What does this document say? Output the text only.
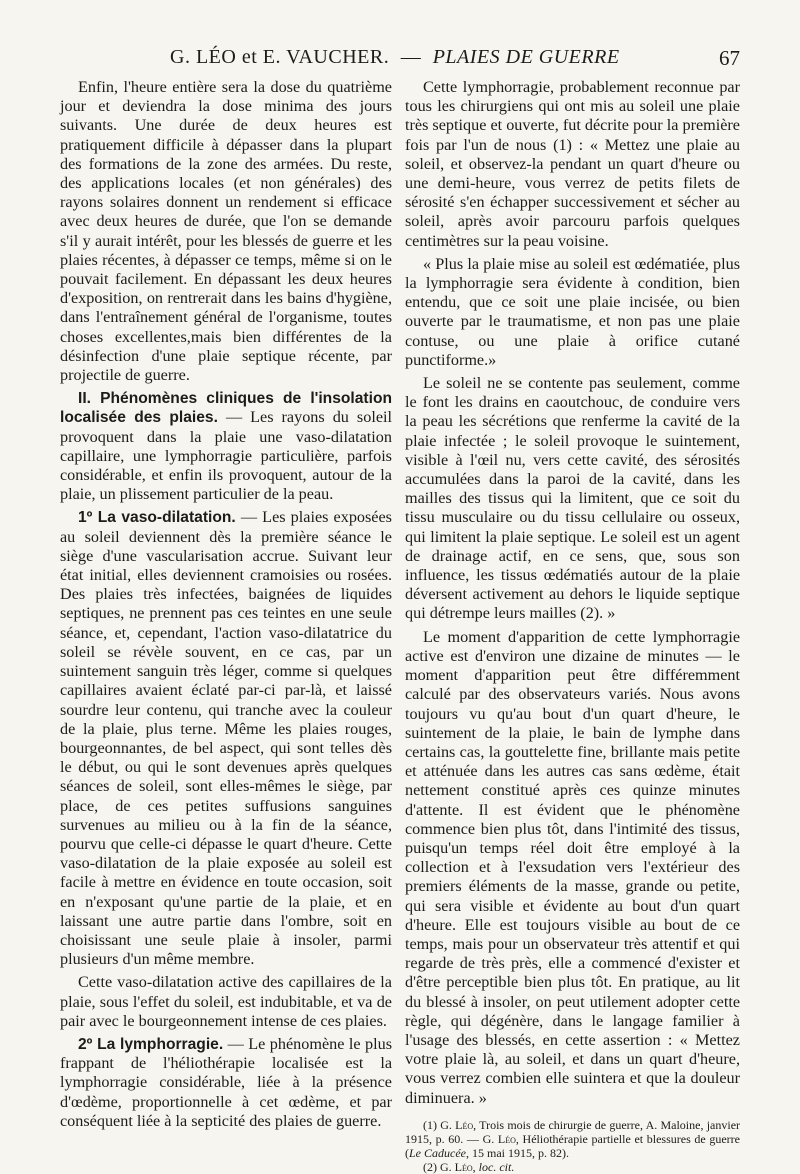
G. LÉO et E. VAUCHER. — PLAIES DE GUERRE	67

Enfin, l'heure entière sera la dose du quatrième jour et deviendra la dose minima des jours suivants. Une durée de deux heures est pratiquement difficile à dépasser dans la plupart des formations de la zone des armées. Du reste, des applications locales (et non générales) des rayons solaires donnent un rendement si efficace avec deux heures de durée, que l'on se demande s'il y aurait intérêt, pour les blessés de guerre et les plaies récentes, à dépasser ce temps, même si on le pouvait facilement. En dépassant les deux heures d'exposition, on rentrerait dans les bains d'hygiène, dans l'entraînement général de l'organisme, toutes choses excellentes,mais bien différentes de la désinfection d'une plaie septique récente, par projectile de guerre.

II. Phénomènes cliniques de l'insolation localisée des plaies. — Les rayons du soleil provoquent dans la plaie une vaso-dilatation capillaire, une lymphorragie particulière, parfois considérable, et enfin ils provoquent, autour de la plaie, un plissement particulier de la peau.

1º La vaso-dilatation. — Les plaies exposées au soleil deviennent dès la première séance le siège d'une vascularisation accrue. Suivant leur état initial, elles deviennent cramoisies ou rosées. Des plaies très infectées, baignées de liquides septiques, ne prennent pas ces teintes en une seule séance, et, cependant, l'action vaso-dilatatrice du soleil se révèle souvent, en ce cas, par un suintement sanguin très léger, comme si quelques capillaires avaient éclaté par-ci par-là, et laissé sourdre leur contenu, qui tranche avec la couleur de la plaie, plus terne. Même les plaies rouges, bourgeonnantes, de bel aspect, qui sont telles dès le début, ou qui le sont devenues après quelques séances de soleil, sont elles-mêmes le siège, par place, de ces petites suffusions sanguines survenues au milieu ou à la fin de la séance, pourvu que celle-ci dépasse le quart d'heure. Cette vaso-dilatation de la plaie exposée au soleil est facile à mettre en évidence en toute occasion, soit en n'exposant qu'une partie de la plaie, et en laissant une autre partie dans l'ombre, soit en choisissant une seule plaie à insoler, parmi plusieurs d'un même membre.

Cette vaso-dilatation active des capillaires de la plaie, sous l'effet du soleil, est indubitable, et va de pair avec le bourgeonnement intense de ces plaies.

2º La lymphorragie. — Le phénomène le plus frappant de l'héliothérapie localisée est la lymphorragie considérable, liée à la présence d'œdème, proportionnelle à cet œdème, et par conséquent liée à la septicité des plaies de guerre.

Cette lymphorragie, probablement reconnue par tous les chirurgiens qui ont mis au soleil une plaie très septique et ouverte, fut décrite pour la première fois par l'un de nous (1) : « Mettez une plaie au soleil, et observez-la pendant un quart d'heure ou une demi-heure, vous verrez de petits filets de sérosité s'en échapper successivement et sécher au soleil, après avoir parcouru parfois quelques centimètres sur la peau voisine.

« Plus la plaie mise au soleil est œdématiée, plus la lymphorragie sera évidente à condition, bien entendu, que ce soit une plaie incisée, ou bien ouverte par le traumatisme, et non pas une plaie contuse, ou une plaie à orifice cutané punctiforme.»

Le soleil ne se contente pas seulement, comme le font les drains en caoutchouc, de conduire vers la peau les sécrétions que renferme la cavité de la plaie infectée ; le soleil provoque le suintement, visible à l'œil nu, vers cette cavité, des sérosités accumulées dans la paroi de la cavité, dans les mailles des tissus qui la limitent, que ce soit du tissu musculaire ou du tissu cellulaire ou osseux, qui limitent la plaie septique. Le soleil est un agent de drainage actif, en ce sens, que, sous son influence, les tissus œdématiés autour de la plaie déversent activement au dehors le liquide septique qui détrempe leurs mailles (2). »

Le moment d'apparition de cette lymphorragie active est d'environ une dizaine de minutes — le moment d'apparition peut être différemment calculé par des observateurs variés. Nous avons toujours vu qu'au bout d'un quart d'heure, le suintement de la plaie, le bain de lymphe dans certains cas, la gouttelette fine, brillante mais petite et atténuée dans les autres cas sans œdème, était nettement constitué après ces quinze minutes d'attente. Il est évident que le phénomène commence bien plus tôt, dans l'intimité des tissus, puisqu'un temps réel doit être employé à la collection et à l'exsudation vers l'extérieur des premiers éléments de la masse, grande ou petite, qui sera visible et évidente au bout d'un quart d'heure. Elle est toujours visible au bout de ce temps, mais pour un observateur très attentif et qui regarde de très près, elle a commencé d'exister et d'être perceptible bien plus tôt. En pratique, au lit du blessé à insoler, on peut utilement adopter cette règle, qui dégénère, dans le langage familier à l'usage des blessés, en cette assertion : « Mettez votre plaie là, au soleil, et dans un quart d'heure, vous verrez combien elle suintera et que la douleur diminuera. »

(1) G. Léo, Trois mois de chirurgie de guerre, A. Maloine, janvier 1915, p. 60. — G. Léo, Héliothérapie partielle et blessures de guerre (Le Caducée, 15 mai 1915, p. 82).

(2) G. Léo, loc. cit.
